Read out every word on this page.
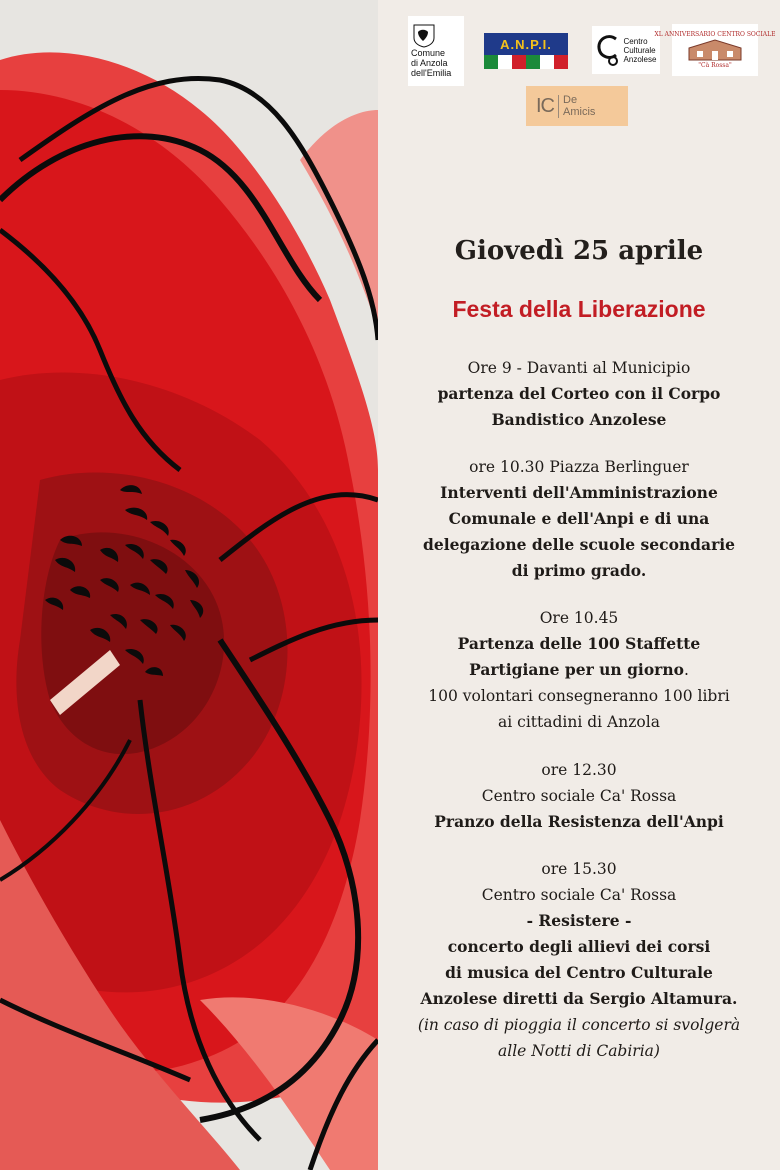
Comune
di Anzola
dell'Emilia
A.N.P.I.	Centro
Culturale
Anzolese
XL ANNIVERSARIO CENTRO SOCIALE
"Cà Rossa"
IC De
Amicis
Giovedì 25 aprile
Festa della Liberazione
Ore 9 - Davanti al Municipio
partenza del Corteo con il Corpo
Bandistico Anzolese
ore 10.30 Piazza Berlinguer
Interventi dell'Amministrazione
Comunale e dell'Anpi e di una
delegazione delle scuole secondarie
di primo grado.
Ore 10.45
Partenza delle 100 Staffette
Partigiane per un giorno.
100 volontari consegneranno 100 libri
ai cittadini di Anzola
ore 12.30
Centro sociale Ca' Rossa
Pranzo della Resistenza dell'Anpi
ore 15.30
Centro sociale Ca' Rossa
- Resistere -
concerto degli allievi dei corsi
di musica del Centro Culturale
Anzolese diretti da Sergio Altamura.
(in caso di pioggia il concerto si svolgerà
alle Notti di Cabiria)
